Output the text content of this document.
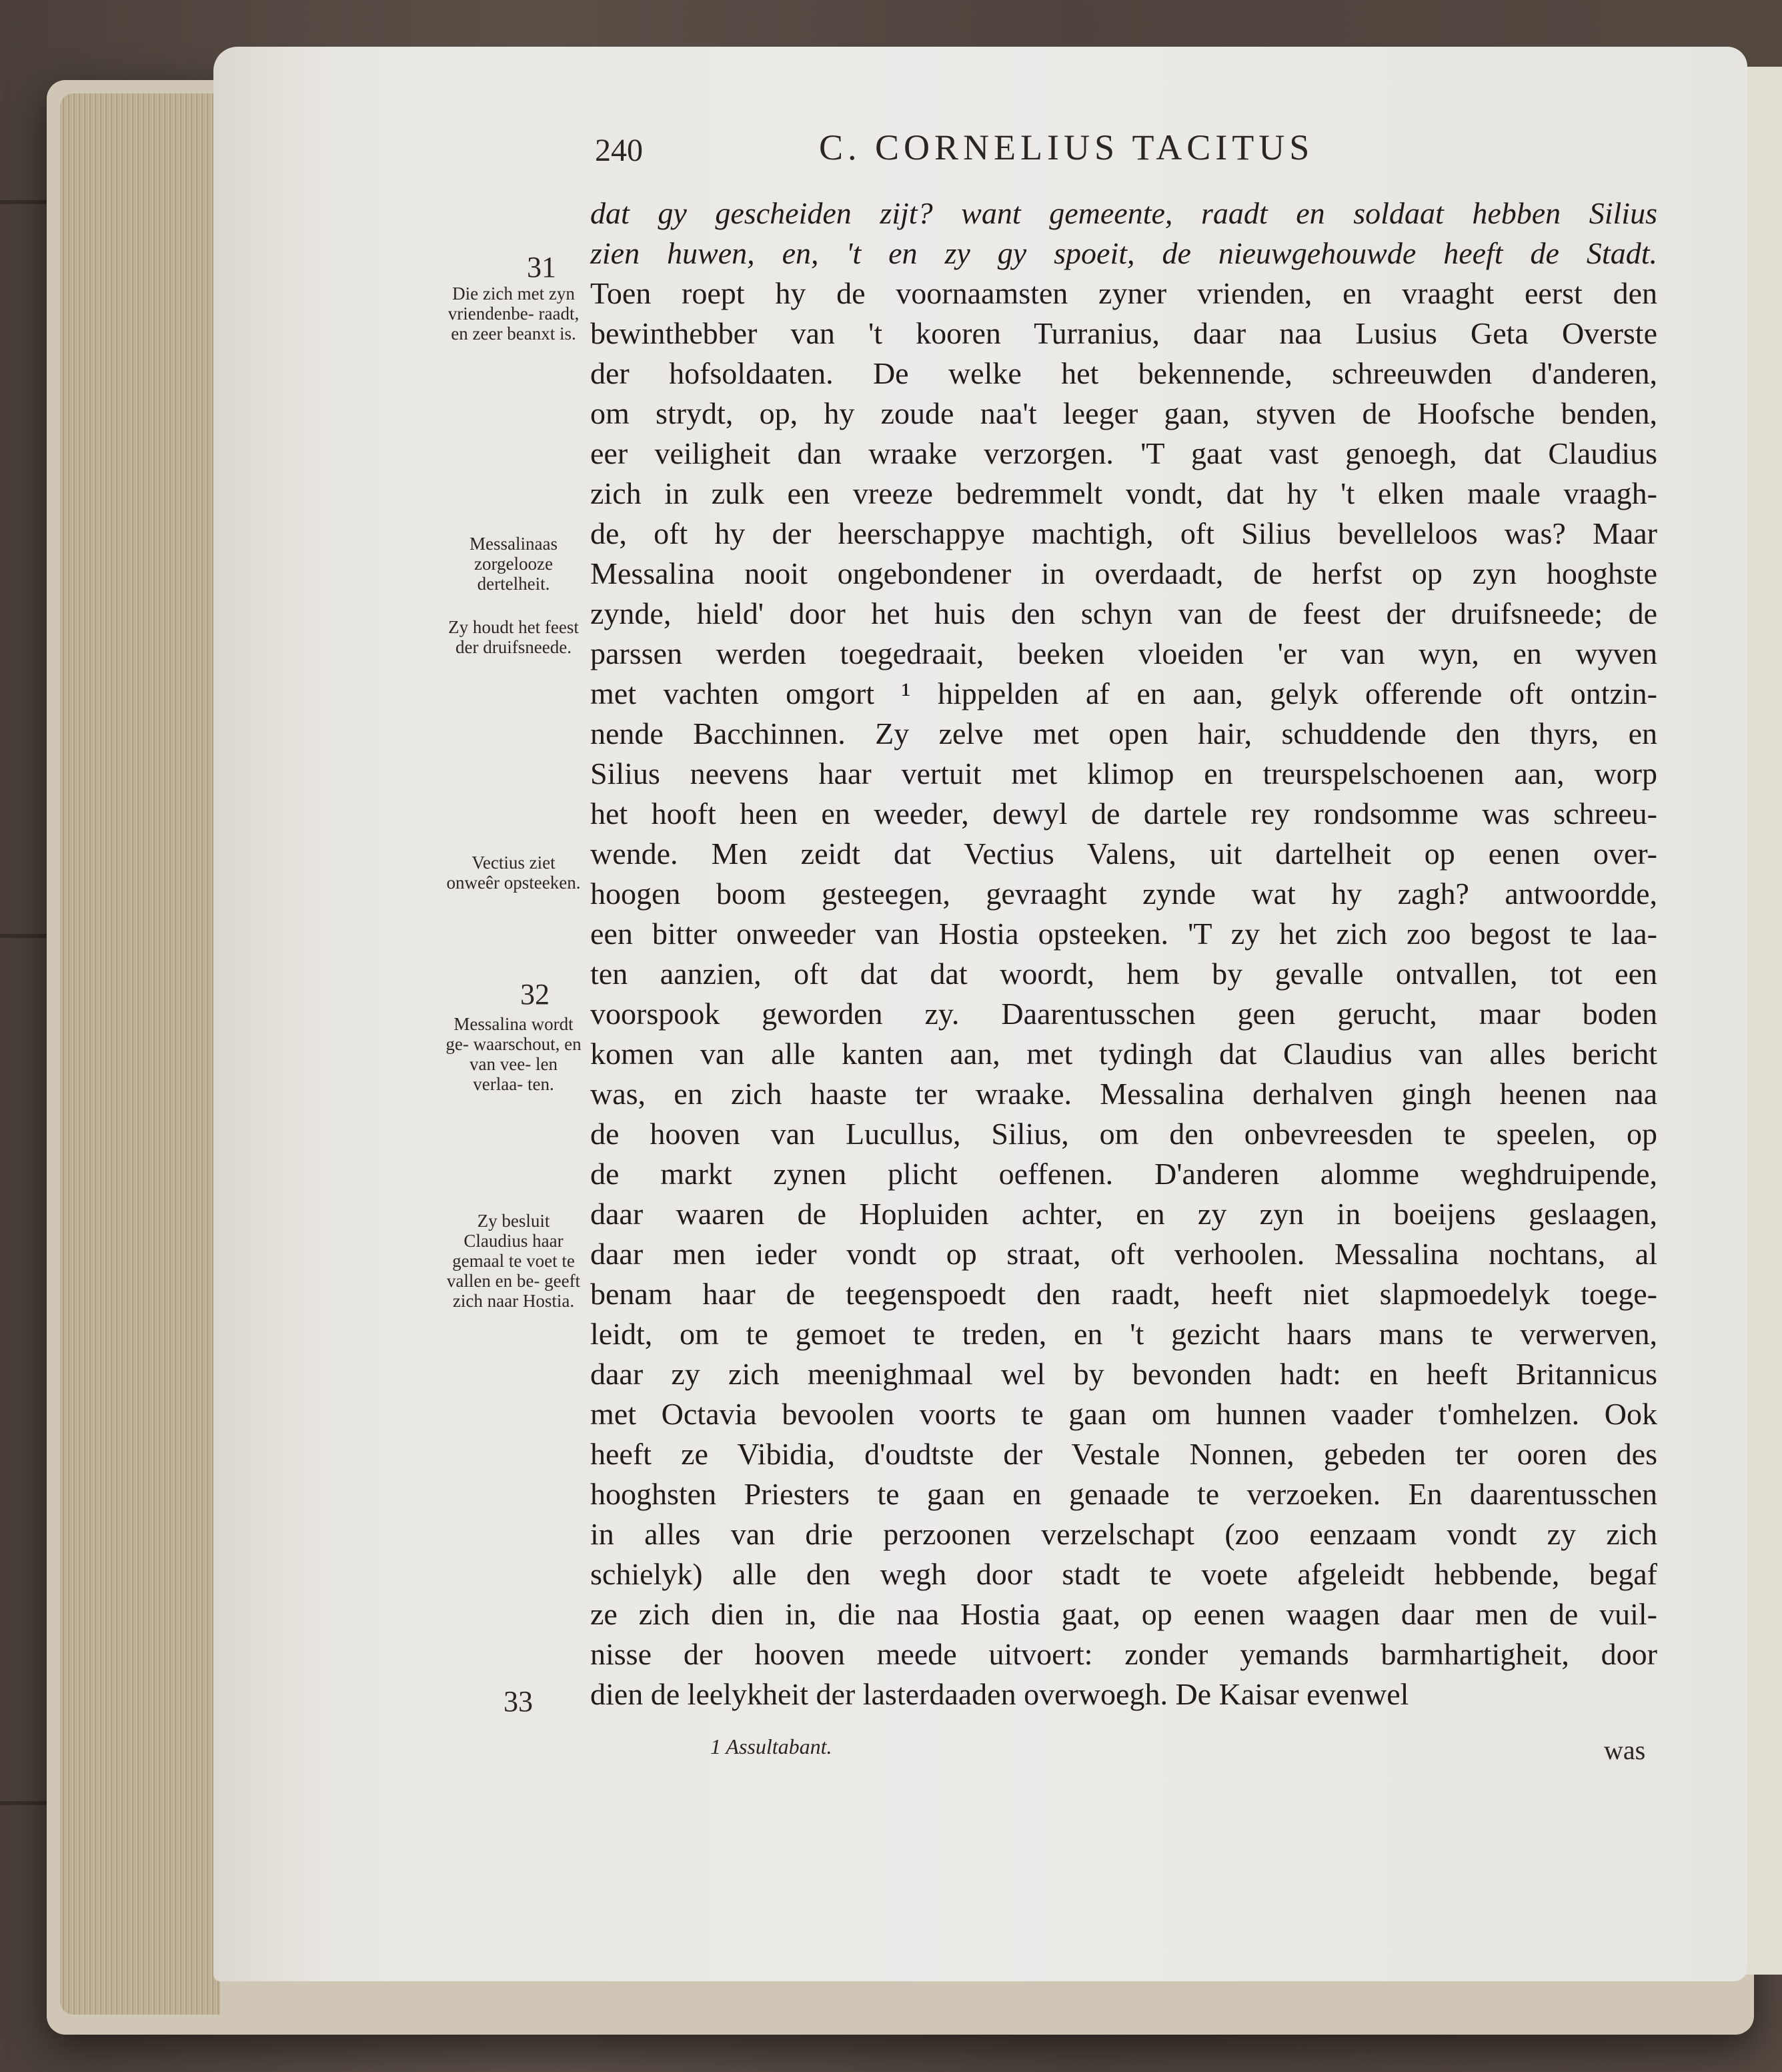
240	C. CORNELIUS TACITUS
dat gy gescheiden zijt? want gemeente, raadt en soldaat hebben Silius
zien huwen, en, 't en zy gy spoeit, de nieuwgehouwde heeft de Stadt.
Toen roept hy de voornaamsten zyner vrienden, en vraaght eerst den
bewinthebber van 't kooren Turranius, daar naa Lusius Geta Overste
der hofsoldaaten. De welke het bekennende, schreeuwden d'anderen,
om strydt, op, hy zoude naa't leeger gaan, styven de Hoofsche benden,
eer veiligheit dan wraake verzorgen. 'T gaat vast genoegh, dat Claudius
zich in zulk een vreeze bedremmelt vondt, dat hy 't elken maale vraagh-
de, oft hy der heerschappye machtigh, oft Silius bevelleloos was? Maar
Messalina nooit ongebondener in overdaadt, de herfst op zyn hooghste
zynde, hield' door het huis den schyn van de feest der druifsneede; de
parssen werden toegedraait, beeken vloeiden 'er van wyn, en wyven
met vachten omgort ¹ hippelden af en aan, gelyk offerende oft ontzin-
nende Bacchinnen. Zy zelve met open hair, schuddende den thyrs, en
Silius neevens haar vertuit met klimop en treurspelschoenen aan, worp
het hooft heen en weeder, dewyl de dartele rey rondsomme was schreeu-
wende. Men zeidt dat Vectius Valens, uit dartelheit op eenen over-
hoogen boom gesteegen, gevraaght zynde wat hy zagh? antwoordde,
een bitter onweeder van Hostia opsteeken. 'T zy het zich zoo begost te laa-
ten aanzien, oft dat dat woordt, hem by gevalle ontvallen, tot een
voorspook geworden zy. Daarentusschen geen gerucht, maar boden
komen van alle kanten aan, met tydingh dat Claudius van alles bericht
was, en zich haaste ter wraake. Messalina derhalven gingh heenen naa
de hooven van Lucullus, Silius, om den onbevreesden te speelen, op
de markt zynen plicht oeffenen. D'anderen alomme weghdruipende,
daar waaren de Hopluiden achter, en zy zyn in boeijens geslaagen,
daar men ieder vondt op straat, oft verhoolen. Messalina nochtans, al
benam haar de teegenspoedt den raadt, heeft niet slapmoedelyk toege-
leidt, om te gemoet te treden, en 't gezicht haars mans te verwerven,
daar zy zich meenighmaal wel by bevonden hadt: en heeft Britannicus
met Octavia bevoolen voorts te gaan om hunnen vaader t'omhelzen. Ook
heeft ze Vibidia, d'oudtste der Vestale Nonnen, gebeden ter ooren des
hooghsten Priesters te gaan en genaade te verzoeken. En daarentusschen
in alles van drie perzoonen verzelschapt (zoo eenzaam vondt zy zich
schielyk) alle den wegh door stadt te voete afgeleidt hebbende, begaf
ze zich dien in, die naa Hostia gaat, op eenen waagen daar men de vuil-
nisse der hooven meede uitvoert: zonder yemands barmhartigheit, door
dien de leelykheit der lasterdaaden overwoegh. De Kaisar evenwel
31
32
33
Die zich met zyn vriendenbe- raadt, en zeer beanxt is.
Messalinaas zorgelooze dertelheit.
Zy houdt het feest der druifsneede.
Vectius ziet onweêr opsteeken.
Messalina wordt ge- waarschout, en van vee- len verlaa- ten.
Zy besluit Claudius haar gemaal te voet te vallen en be- geeft zich naar Hostia.
1 Assultabant.	was
